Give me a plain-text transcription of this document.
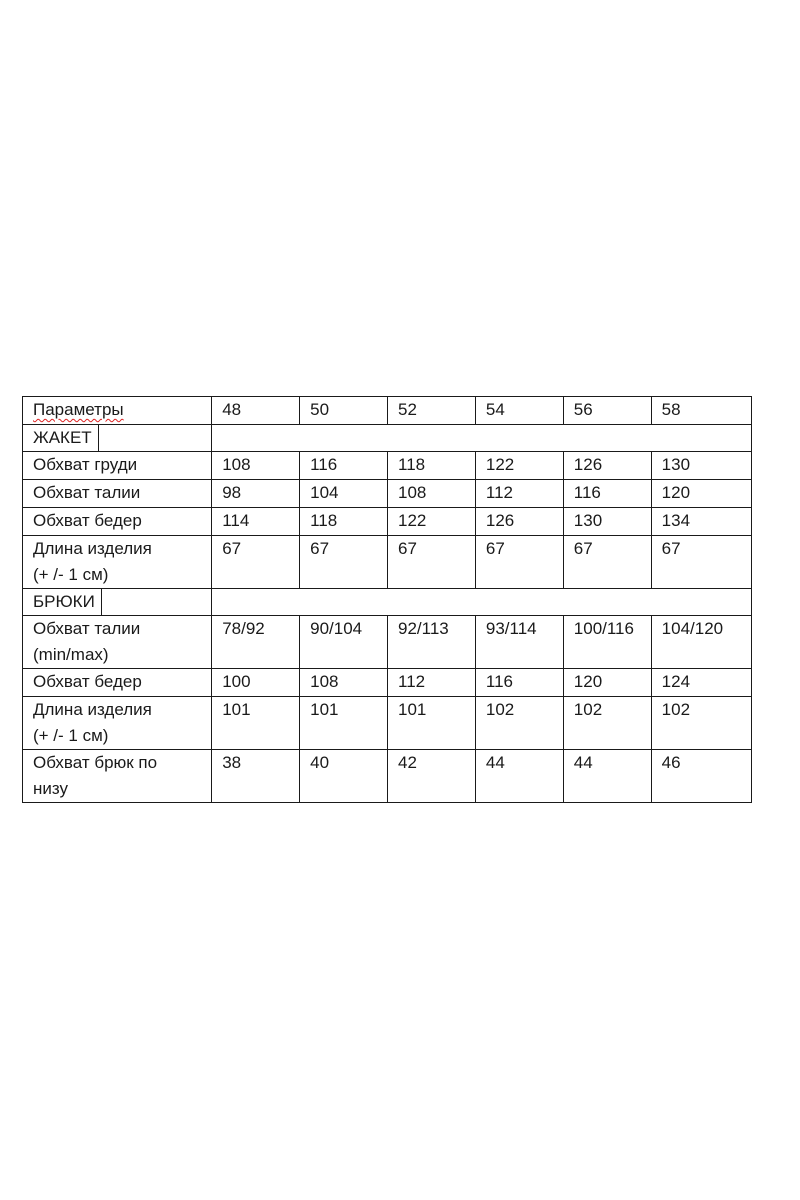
Параметры	48	50	52	54	56	58
ЖАКЕТ						
Обхват груди	108	116	118	122	126	130
Обхват талии	98	104	108	112	116	120
Обхват бедер	114	118	122	126	130	134
Длина изделия
(+ /- 1 см)	67	67	67	67	67	67
БРЮКИ						
Обхват талии
(min/max)	78/92	90/104	92/113	93/114	100/116	104/120
Обхват бедер	100	108	112	116	120	124
Длина изделия
(+ /- 1 см)	101	101	101	102	102	102
Обхват брюк по
низу	38	40	42	44	44	46
